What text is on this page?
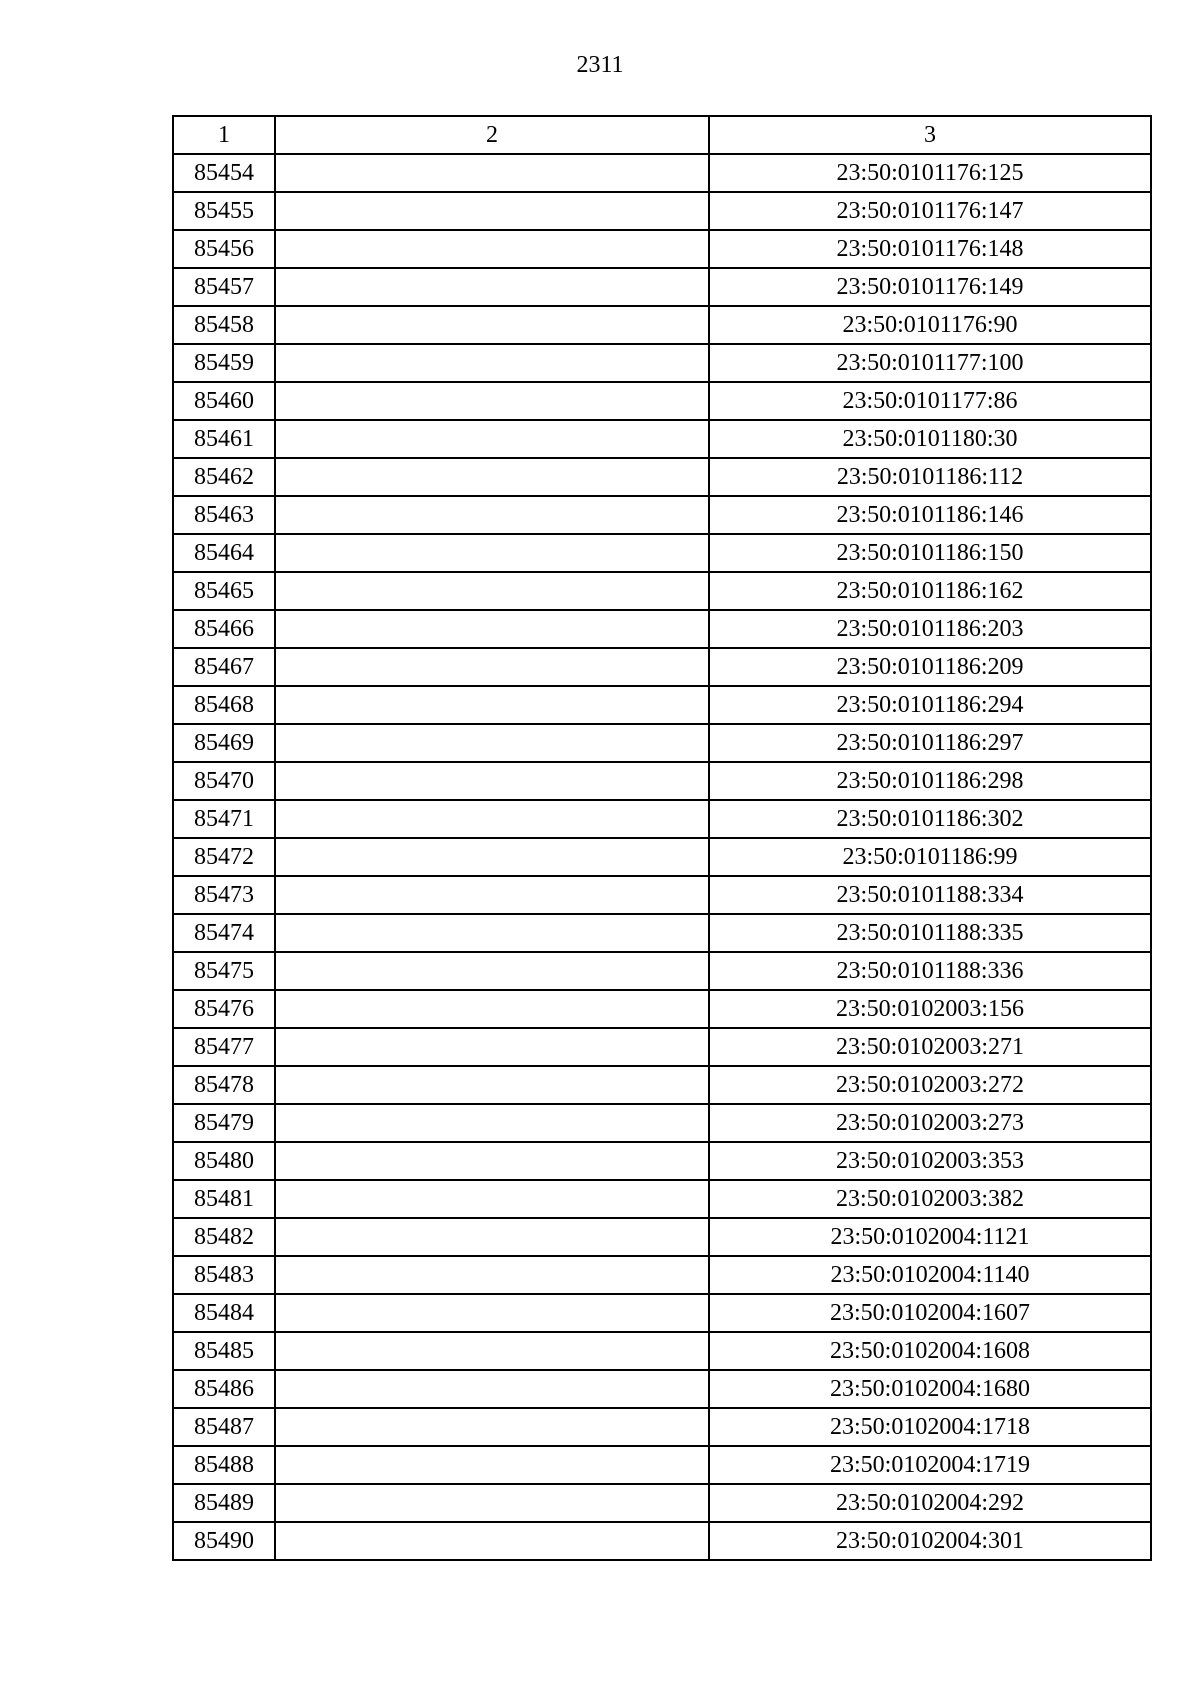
2311
1	2	3
85454		23:50:0101176:125
85455		23:50:0101176:147
85456		23:50:0101176:148
85457		23:50:0101176:149
85458		23:50:0101176:90
85459		23:50:0101177:100
85460		23:50:0101177:86
85461		23:50:0101180:30
85462		23:50:0101186:112
85463		23:50:0101186:146
85464		23:50:0101186:150
85465		23:50:0101186:162
85466		23:50:0101186:203
85467		23:50:0101186:209
85468		23:50:0101186:294
85469		23:50:0101186:297
85470		23:50:0101186:298
85471		23:50:0101186:302
85472		23:50:0101186:99
85473		23:50:0101188:334
85474		23:50:0101188:335
85475		23:50:0101188:336
85476		23:50:0102003:156
85477		23:50:0102003:271
85478		23:50:0102003:272
85479		23:50:0102003:273
85480		23:50:0102003:353
85481		23:50:0102003:382
85482		23:50:0102004:1121
85483		23:50:0102004:1140
85484		23:50:0102004:1607
85485		23:50:0102004:1608
85486		23:50:0102004:1680
85487		23:50:0102004:1718
85488		23:50:0102004:1719
85489		23:50:0102004:292
85490		23:50:0102004:301
